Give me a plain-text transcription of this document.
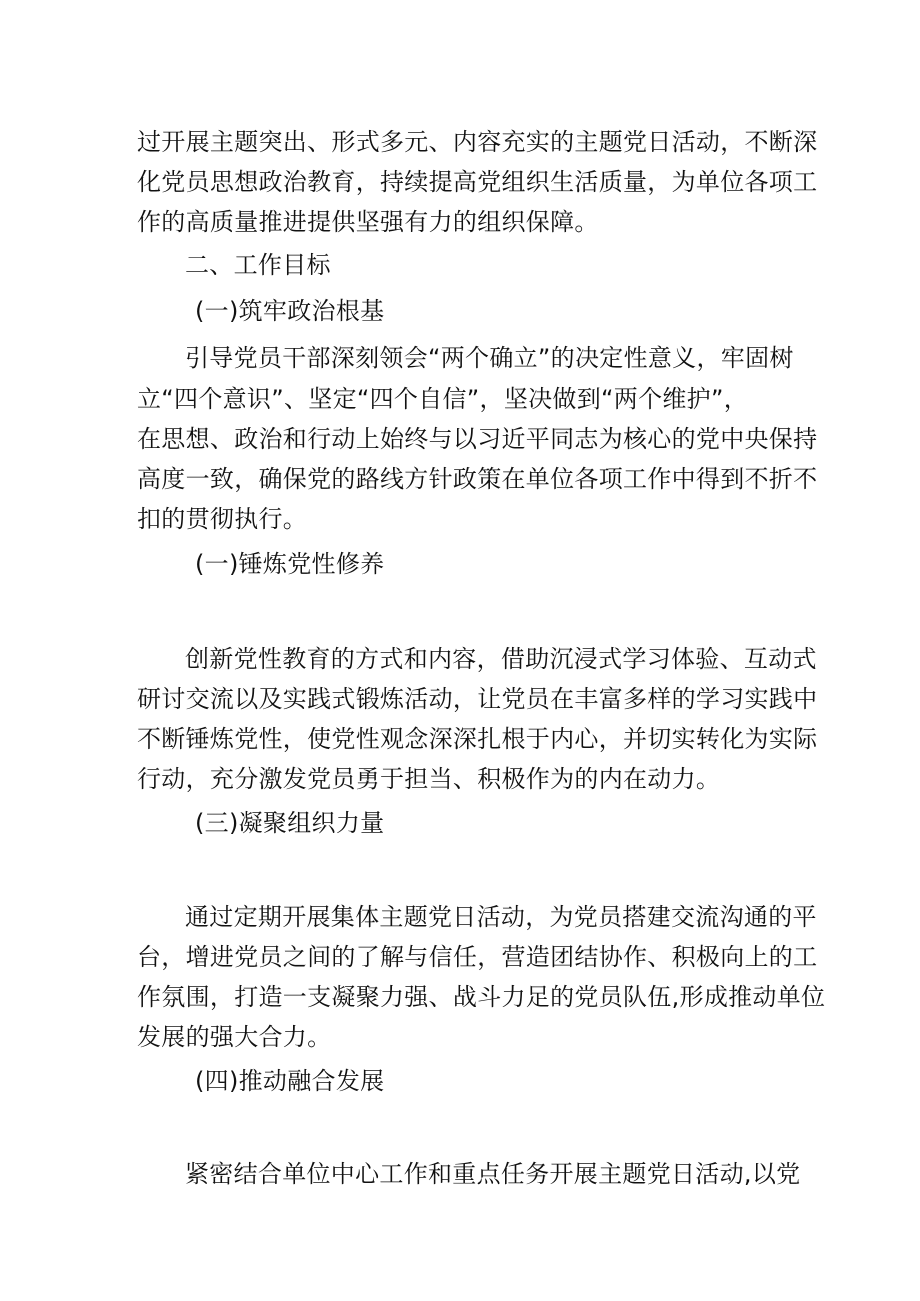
过开展主题突出、形式多元、内容充实的主题党日活动，不断深
化党员思想政治教育，持续提高党组织生活质量，为单位各项工
作的高质量推进提供坚强有力的组织保障。
二、工作目标
(一)筑牢政治根基
引导党员干部深刻领会“两个确立”的决定性意义，牢固树
立“四个意识”、坚定“四个自信”，坚决做到“两个维护”，
在思想、政治和行动上始终与以习近平同志为核心的党中央保持
高度一致，确保党的路线方针政策在单位各项工作中得到不折不
扣的贯彻执行。
(一)锤炼党性修养
创新党性教育的方式和内容，借助沉浸式学习体验、互动式
研讨交流以及实践式锻炼活动，让党员在丰富多样的学习实践中
不断锤炼党性，使党性观念深深扎根于内心，并切实转化为实际
行动，充分激发党员勇于担当、积极作为的内在动力。
(三)凝聚组织力量
通过定期开展集体主题党日活动，为党员搭建交流沟通的平
台，增进党员之间的了解与信任，营造团结协作、积极向上的工
作氛围，打造一支凝聚力强、战斗力足的党员队伍,形成推动单位
发展的强大合力。
(四)推动融合发展
紧密结合单位中心工作和重点任务开展主题党日活动,以党
